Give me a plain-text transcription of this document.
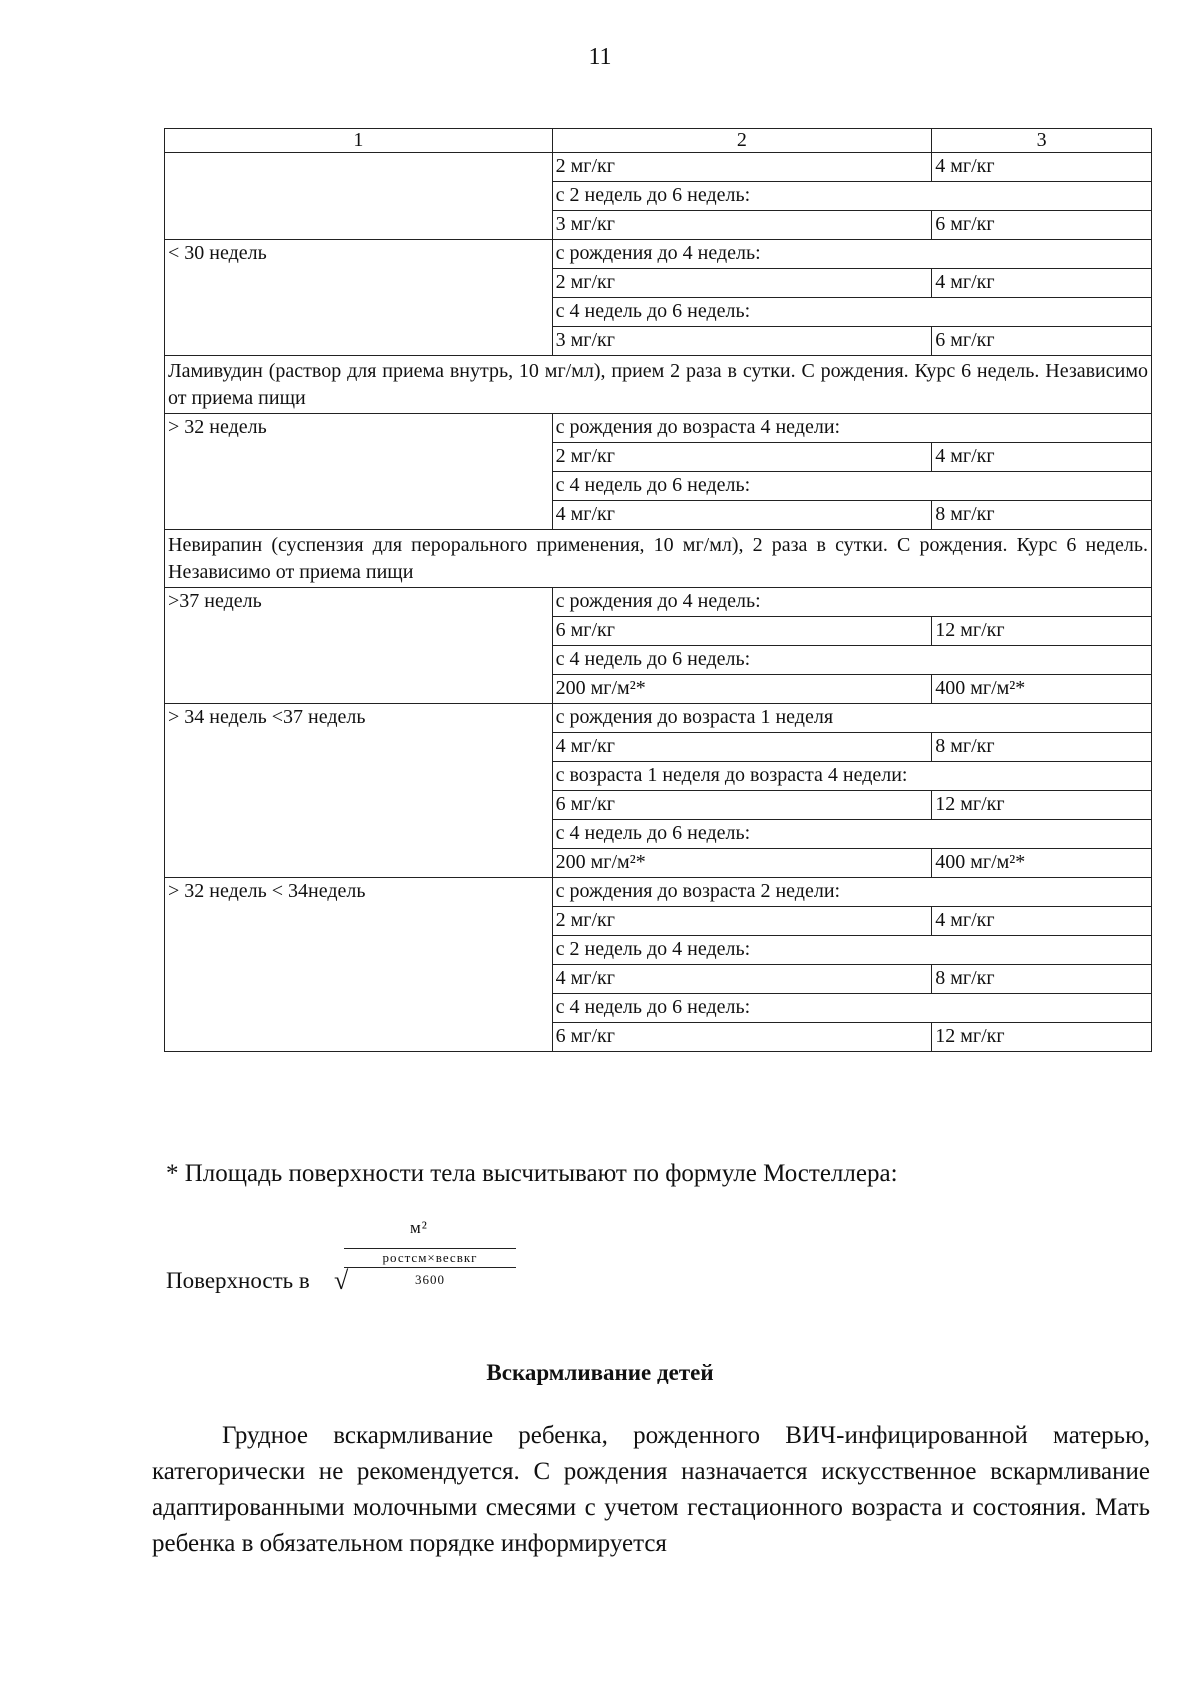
11
1	2	3
	2 мг/кг	4 мг/кг
	с 2 недель до 6 недель:	
	3 мг/кг	6 мг/кг
< 30 недель	с рождения до 4 недель:	
	2 мг/кг	4 мг/кг
	с 4 недель до 6 недель:	
	3 мг/кг	6 мг/кг
Ламивудин (раствор для приема внутрь, 10 мг/мл), прием 2 раза в сутки. С рождения. Курс 6 недель. Независимо от приема пищи		
> 32 недель	с рождения до возраста 4 недели:	
	2 мг/кг	4 мг/кг
	с 4 недель до 6 недель:	
	4 мг/кг	8 мг/кг
Невирапин (суспензия для перорального применения, 10 мг/мл), 2 раза в сутки. С рождения. Курс 6 недель. Независимо от приема пищи		
>37 недель	с рождения до 4 недель:	
	6 мг/кг	12 мг/кг
	с 4 недель до 6 недель:	
	200 мг/м²*	400 мг/м²*
> 34 недель <37 недель	с рождения до возраста 1 неделя	
	4 мг/кг	8 мг/кг
	с возраста 1 неделя до возраста 4 недели:	
	6 мг/кг	12 мг/кг
	с 4 недель до 6 недель:	
	200 мг/м²*	400 мг/м²*
> 32 недель < 34недель	с рождения до возраста 2 недели:	
	2 мг/кг	4 мг/кг
	с 2 недель до 4 недель:	
	4 мг/кг	8 мг/кг
	с 4 недель до 6 недель:	
	6 мг/кг	12 мг/кг
* Площадь поверхности тела высчитывают по формуле Мостеллера:
Поверхность в √
м²
ростсм×весвкг
3600
Вскармливание детей
Грудное вскармливание ребенка, рожденного ВИЧ-инфицированной матерью, категорически не рекомендуется. С рождения назначается искусственное вскармливание адаптированными молочными смесями с учетом гестационного возраста и состояния. Мать ребенка в обязательном порядке информируется
